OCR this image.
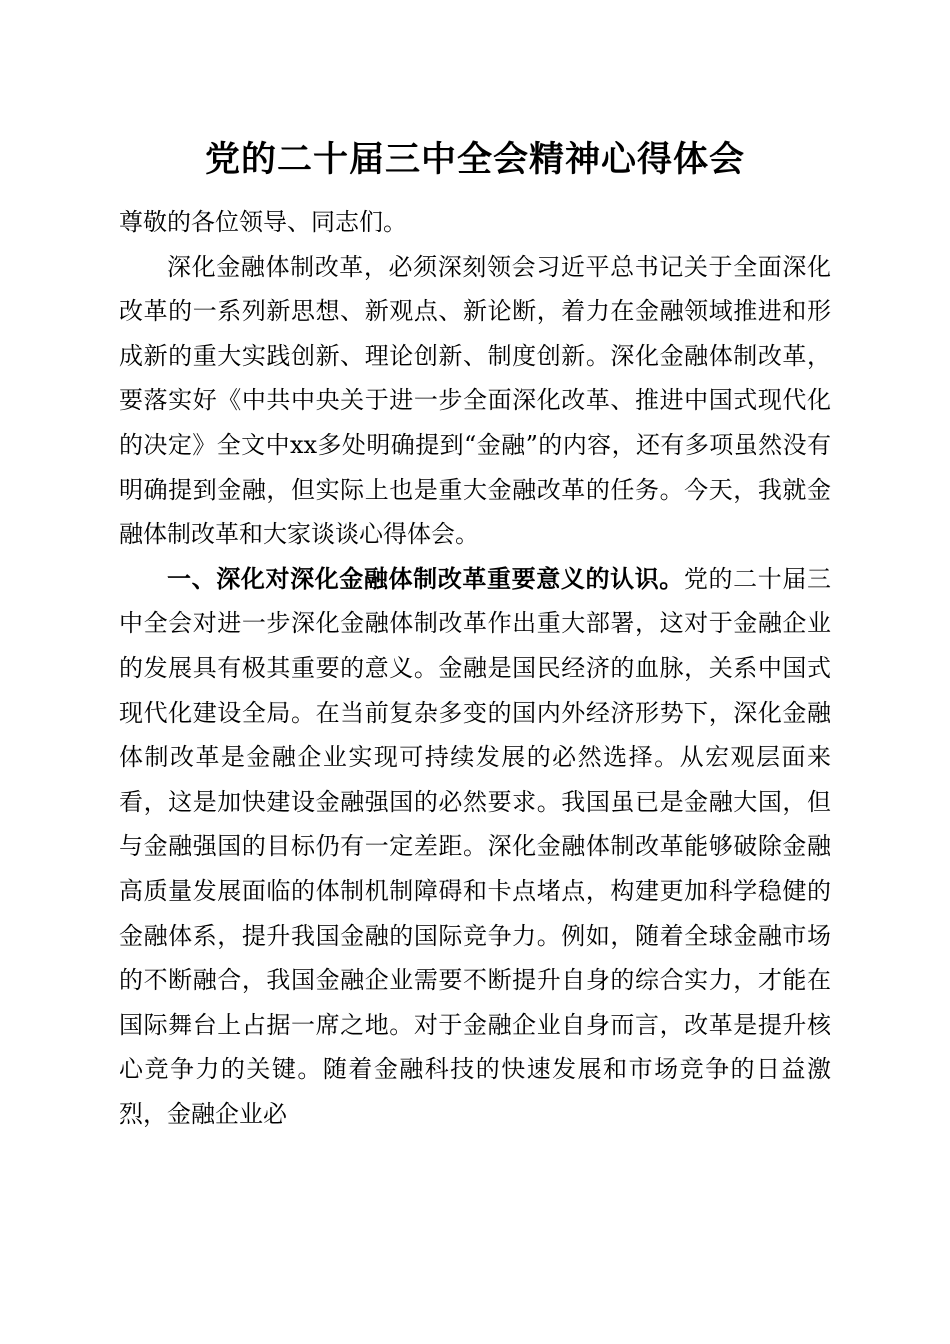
党的二十届三中全会精神心得体会

尊敬的各位领导、同志们。

深化金融体制改革，必须深刻领会习近平总书记关于全面深化改革的一系列新思想、新观点、新论断，着力在金融领域推进和形成新的重大实践创新、理论创新、制度创新。深化金融体制改革，要落实好《中共中央关于进一步全面深化改革、推进中国式现代化的决定》全文中xx多处明确提到“金融”的内容，还有多项虽然没有明确提到金融，但实际上也是重大金融改革的任务。今天，我就金融体制改革和大家谈谈心得体会。

一、深化对深化金融体制改革重要意义的认识。党的二十届三中全会对进一步深化金融体制改革作出重大部署，这对于金融企业的发展具有极其重要的意义。金融是国民经济的血脉，关系中国式现代化建设全局。在当前复杂多变的国内外经济形势下，深化金融体制改革是金融企业实现可持续发展的必然选择。从宏观层面来看，这是加快建设金融强国的必然要求。我国虽已是金融大国，但与金融强国的目标仍有一定差距。深化金融体制改革能够破除金融高质量发展面临的体制机制障碍和卡点堵点，构建更加科学稳健的金融体系，提升我国金融的国际竞争力。例如，随着全球金融市场的不断融合，我国金融企业需要不断提升自身的综合实力，才能在国际舞台上占据一席之地。对于金融企业自身而言，改革是提升核心竞争力的关键。随着金融科技的快速发展和市场竞争的日益激烈，金融企业必
